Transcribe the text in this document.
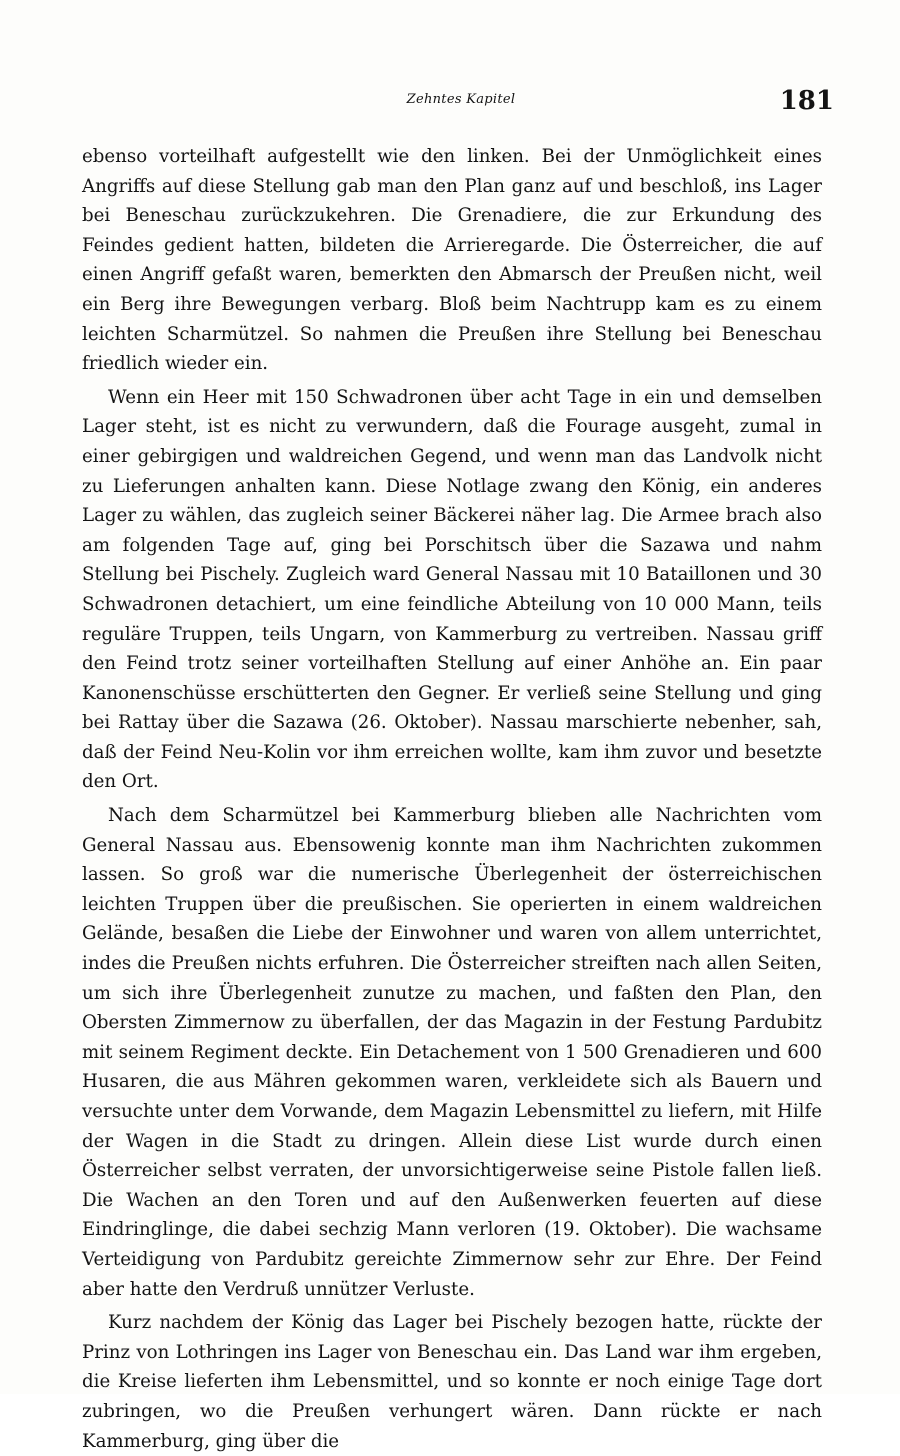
Zehntes Kapitel	181

ebenso vorteilhaft aufgestellt wie den linken. Bei der Unmöglichkeit eines Angriffs auf diese Stellung gab man den Plan ganz auf und beschloß, ins Lager bei Beneschau zurückzukehren. Die Grenadiere, die zur Erkundung des Feindes gedient hatten, bildeten die Arrieregarde. Die Österreicher, die auf einen Angriff gefaßt waren, bemerkten den Abmarsch der Preußen nicht, weil ein Berg ihre Bewegungen verbarg. Bloß beim Nachtrupp kam es zu einem leichten Scharmützel. So nahmen die Preußen ihre Stellung bei Beneschau friedlich wieder ein.

Wenn ein Heer mit 150 Schwadronen über acht Tage in ein und demselben Lager steht, ist es nicht zu verwundern, daß die Fourage ausgeht, zumal in einer gebirgigen und waldreichen Gegend, und wenn man das Landvolk nicht zu Lieferungen anhalten kann. Diese Notlage zwang den König, ein anderes Lager zu wählen, das zugleich seiner Bäckerei näher lag. Die Armee brach also am folgenden Tage auf, ging bei Porschitsch über die Sazawa und nahm Stellung bei Pischely. Zugleich ward General Nassau mit 10 Bataillonen und 30 Schwadronen detachiert, um eine feindliche Abteilung von 10 000 Mann, teils reguläre Truppen, teils Ungarn, von Kammerburg zu vertreiben. Nassau griff den Feind trotz seiner vorteilhaften Stellung auf einer Anhöhe an. Ein paar Kanonenschüsse erschütterten den Gegner. Er verließ seine Stellung und ging bei Rattay über die Sazawa (26. Oktober). Nassau marschierte nebenher, sah, daß der Feind Neu-Kolin vor ihm erreichen wollte, kam ihm zuvor und besetzte den Ort.

Nach dem Scharmützel bei Kammerburg blieben alle Nachrichten vom General Nassau aus. Ebensowenig konnte man ihm Nachrichten zukommen lassen. So groß war die numerische Überlegenheit der österreichischen leichten Truppen über die preußischen. Sie operierten in einem waldreichen Gelände, besaßen die Liebe der Einwohner und waren von allem unterrichtet, indes die Preußen nichts erfuhren. Die Österreicher streiften nach allen Seiten, um sich ihre Überlegenheit zunutze zu machen, und faßten den Plan, den Obersten Zimmernow zu überfallen, der das Magazin in der Festung Pardubitz mit seinem Regiment deckte. Ein Detachement von 1 500 Grenadieren und 600 Husaren, die aus Mähren gekommen waren, verkleidete sich als Bauern und versuchte unter dem Vorwande, dem Magazin Lebensmittel zu liefern, mit Hilfe der Wagen in die Stadt zu dringen. Allein diese List wurde durch einen Österreicher selbst verraten, der unvorsichtigerweise seine Pistole fallen ließ. Die Wachen an den Toren und auf den Außenwerken feuerten auf diese Eindringlinge, die dabei sechzig Mann verloren (19. Oktober). Die wachsame Verteidigung von Pardubitz gereichte Zimmernow sehr zur Ehre. Der Feind aber hatte den Verdruß unnützer Verluste.

Kurz nachdem der König das Lager bei Pischely bezogen hatte, rückte der Prinz von Lothringen ins Lager von Beneschau ein. Das Land war ihm ergeben, die Kreise lieferten ihm Lebensmittel, und so konnte er noch einige Tage dort zubringen, wo die Preußen verhungert wären. Dann rückte er nach Kammerburg, ging über die
